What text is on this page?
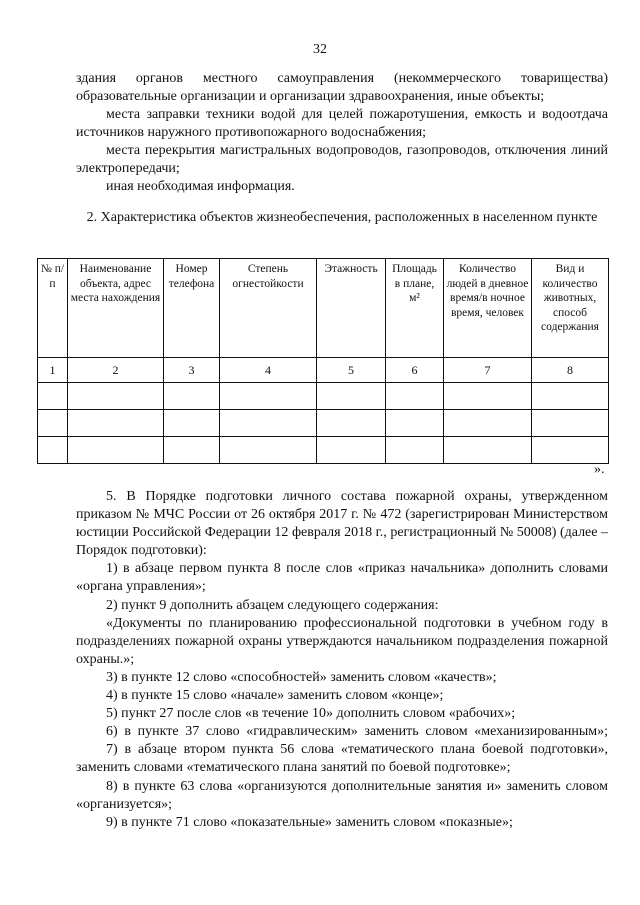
32

здания органов местного самоуправления (некоммерческого товарищества) образовательные организации и организации здравоохранения, иные объекты;

места заправки техники водой для целей пожаротушения, емкость и водоотдача источников наружного противопожарного водоснабжения;

места перекрытия магистральных водопроводов, газопроводов, отключения линий электропередачи;

иная необходимая информация.

2. Характеристика объектов жизнеобеспечения, расположенных в населенном пункте
№ п/п	Наименование объекта, адрес места нахождения	Номер телефона	Степень огнестойкости	Этажность	Площадь в плане, м²	Количество людей в дневное время/в ночное время, человек	Вид и количество животных, способ содержания
1	2	3	4	5	6	7	8

».

5. В Порядке подготовки личного состава пожарной охраны, утвержденном приказом № МЧС России от 26 октября 2017 г. № 472 (зарегистрирован Министерством юстиции Российской Федерации 12 февраля 2018 г., регистрационный № 50008) (далее – Порядок подготовки):

1) в абзаце первом пункта 8 после слов «приказ начальника» дополнить словами «органа управления»;

2) пункт 9 дополнить абзацем следующего содержания:

«Документы по планированию профессиональной подготовки в учебном году в подразделениях пожарной охраны утверждаются начальником подразделения пожарной охраны.»;

3) в пункте 12 слово «способностей» заменить словом «качеств»;

4) в пункте 15 слово «начале» заменить словом «конце»;

5) пункт 27 после слов «в течение 10» дополнить словом «рабочих»;

6) в пункте 37 слово «гидравлическим» заменить словом «механизированным»;

7) в абзаце втором пункта 56 слова «тематического плана боевой подготовки», заменить словами «тематического плана занятий по боевой подготовке»;

8) в пункте 63 слова «организуются дополнительные занятия и» заменить словом «организуется»;

9) в пункте 71 слово «показательные» заменить словом «показные»;
